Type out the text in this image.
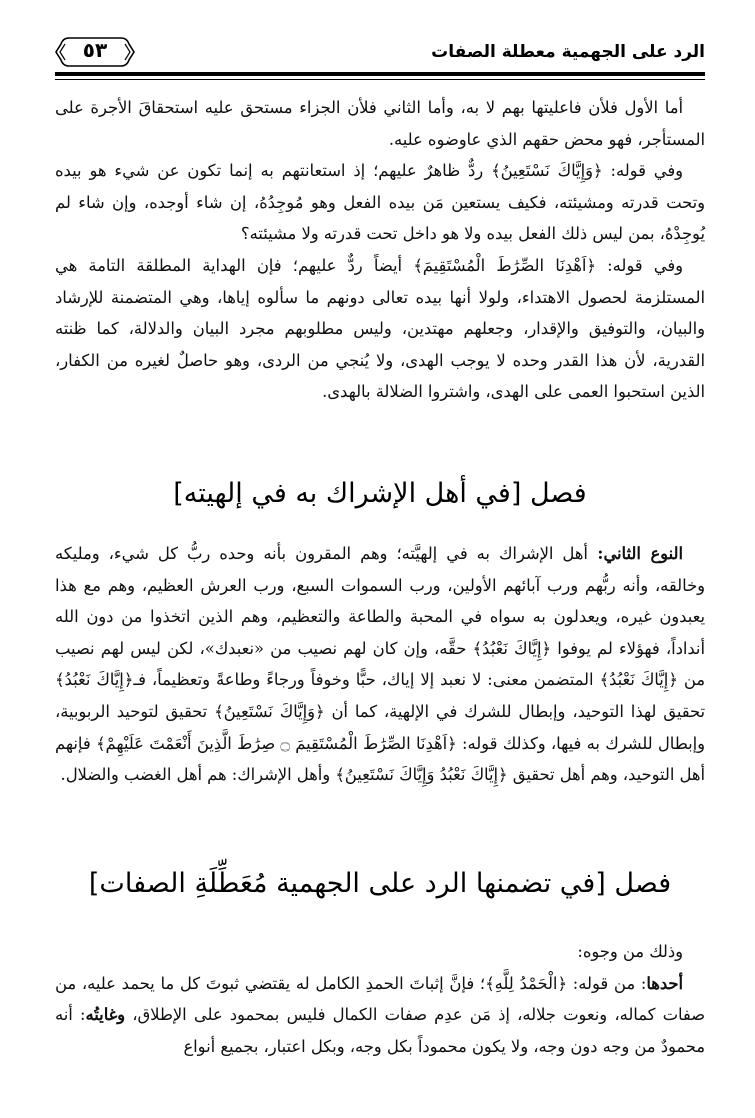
الرد على الجهمية معطلة الصفات
٥٣

أما الأول فلأن فاعليتها بهم لا به، وأما الثاني فلأن الجزاء مستحق عليه استحقاقَ الأجرة على المستأجر، فهو محض حقهم الذي عاوضوه عليه.

وفي قوله: ﴿وَإِيَّاكَ نَسْتَعِينُ﴾ ردٌّ ظاهرٌ عليهم؛ إذ استعانتهم به إنما تكون عن شيء هو بيده وتحت قدرته ومشيئته، فكيف يستعين مَن بيده الفعل وهو مُوجِدُهُ، إن شاء أوجده، وإن شاء لم يُوجِدْهُ، بمن ليس ذلك الفعل بيده ولا هو داخل تحت قدرته ولا مشيئته؟

وفي قوله: ﴿اَهْدِنَا الصِّرَٰطَ الْمُسْتَقِيمَ﴾ أيضاً ردٌّ عليهم؛ فإن الهداية المطلقة التامة هي المستلزمة لحصول الاهتداء، ولولا أنها بيده تعالى دونهم ما سألوه إياها، وهي المتضمنة للإرشاد والبيان، والتوفيق والإقدار، وجعلهم مهتدين، وليس مطلوبهم مجرد البيان والدلالة، كما ظنته القدرية، لأن هذا القدر وحده لا يوجب الهدى، ولا يُنجي من الردى، وهو حاصلٌ لغيره من الكفار، الذين استحبوا العمى على الهدى، واشتروا الضلالة بالهدى.

فصل [في أهل الإشراك به في إلهيته]

النوع الثاني: أهل الإشراك به في إلهيَّته؛ وهم المقرون بأنه وحده ربُّ كل شيء، ومليكه وخالقه، وأنه ربُّهم ورب آبائهم الأولين، ورب السموات السبع، ورب العرش العظيم، وهم مع هذا يعبدون غيره، ويعدلون به سواه في المحبة والطاعة والتعظيم، وهم الذين اتخذوا من دون الله أنداداً، فهؤلاء لم يوفوا ﴿إِيَّاكَ نَعْبُدُ﴾ حقَّه، وإن كان لهم نصيب من «نعبدك»، لكن ليس لهم نصيب من ﴿إِيَّاكَ نَعْبُدُ﴾ المتضمن معنى: لا نعبد إلا إياك، حبًّا وخوفاً ورجاءً وطاعةً وتعظيماً، فـ﴿إِيَّاكَ نَعْبُدُ﴾ تحقيق لهذا التوحيد، وإبطال للشرك في الإلهية، كما أن ﴿وَإِيَّاكَ نَسْتَعِينُ﴾ تحقيق لتوحيد الربوبية، وإبطال للشرك به فيها، وكذلك قوله: ﴿اَهْدِنَا الصِّرَٰطَ الْمُسْتَقِيمَ ۝ صِرَٰطَ الَّذِينَ أَنْعَمْتَ عَلَيْهِمْ﴾ فإنهم أهل التوحيد، وهم أهل تحقيق ﴿إِيَّاكَ نَعْبُدُ وَإِيَّاكَ نَسْتَعِينُ﴾ وأهل الإشراك: هم أهل الغضب والضلال.

فصل [في تضمنها الرد على الجهمية مُعَطِّلَةِ الصفات]

وذلك من وجوه:

أحدها: من قوله: ﴿الْحَمْدُ لِلَّهِ﴾؛ فإنَّ إثباتَ الحمدِ الكامل له يقتضي ثبوتَ كل ما يحمد عليه، من صفات كماله، ونعوت جلاله، إذ مَن عدِم صفات الكمال فليس بمحمود على الإطلاق، وغايتُه: أنه محمودٌ من وجه دون وجه، ولا يكون محموداً بكل وجه، وبكل اعتبار، بجميع أنواع
